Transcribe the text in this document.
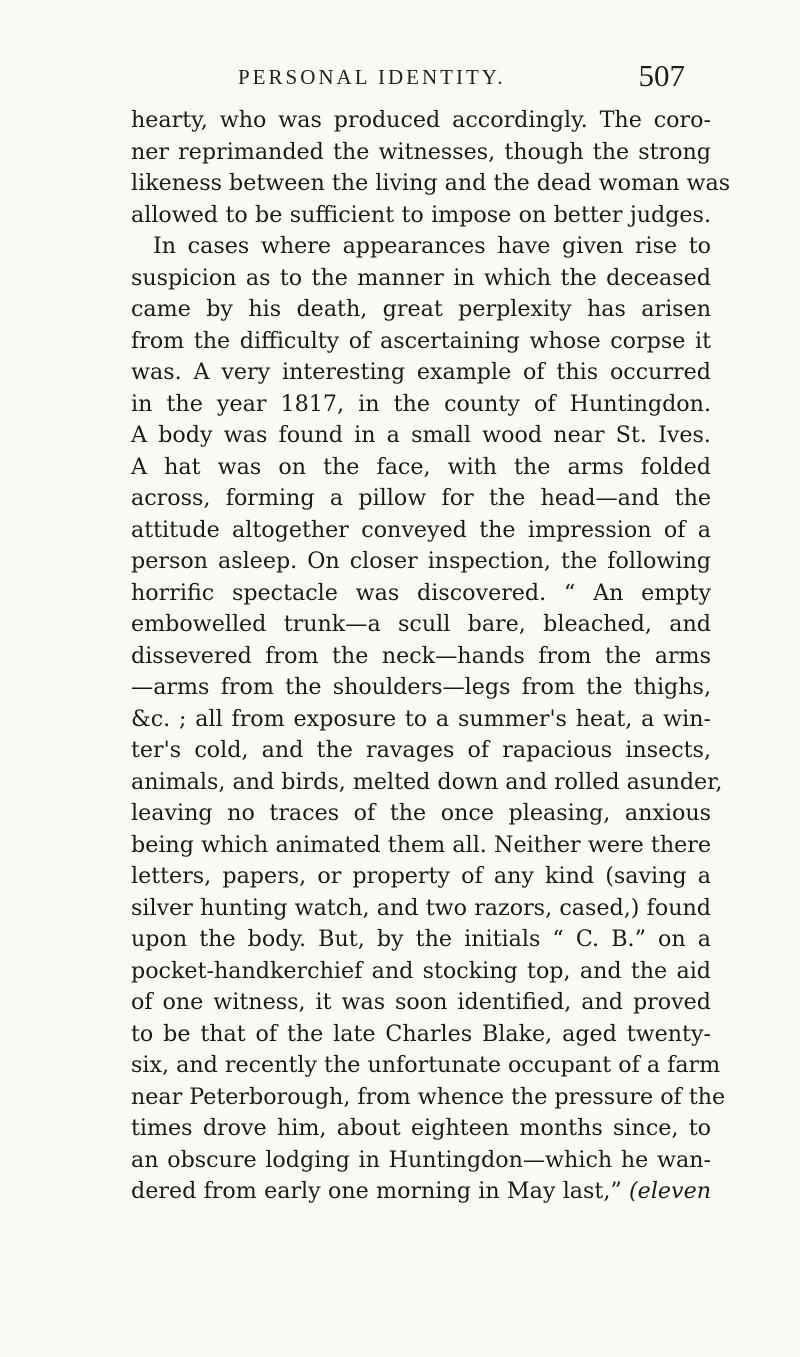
PERSONAL IDENTITY.	507
hearty, who was produced accordingly. The coro-
ner reprimanded the witnesses, though the strong
likeness between the living and the dead woman was
allowed to be sufficient to impose on better judges.
In cases where appearances have given rise to
suspicion as to the manner in which the deceased
came by his death, great perplexity has arisen
from the difficulty of ascertaining whose corpse it
was. A very interesting example of this occurred
in the year 1817, in the county of Huntingdon.
A body was found in a small wood near St. Ives.
A hat was on the face, with the arms folded
across, forming a pillow for the head—and the
attitude altogether conveyed the impression of a
person asleep. On closer inspection, the following
horrific spectacle was discovered. “ An empty
embowelled trunk—a scull bare, bleached, and
dissevered from the neck—hands from the arms
—arms from the shoulders—legs from the thighs,
&c. ; all from exposure to a summer's heat, a win-
ter's cold, and the ravages of rapacious insects,
animals, and birds, melted down and rolled asunder,
leaving no traces of the once pleasing, anxious
being which animated them all. Neither were there
letters, papers, or property of any kind (saving a
silver hunting watch, and two razors, cased,) found
upon the body. But, by the initials “ C. B.” on a
pocket-handkerchief and stocking top, and the aid
of one witness, it was soon identified, and proved
to be that of the late Charles Blake, aged twenty-
six, and recently the unfortunate occupant of a farm
near Peterborough, from whence the pressure of the
times drove him, about eighteen months since, to
an obscure lodging in Huntingdon—which he wan-
dered from early one morning in May last,” (eleven
